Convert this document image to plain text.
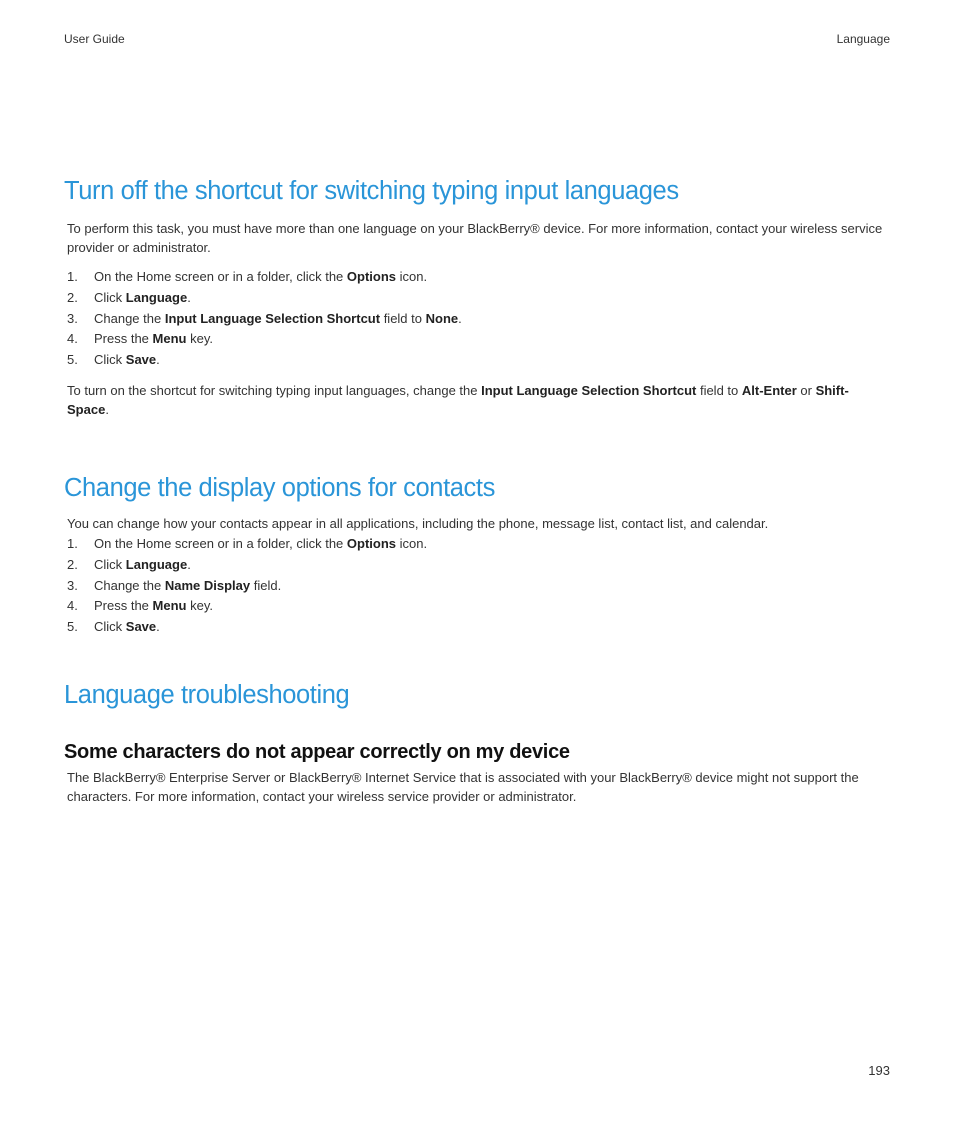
User Guide	Language
Turn off the shortcut for switching typing input languages

To perform this task, you must have more than one language on your BlackBerry® device. For more information, contact your wireless service provider or administrator.

1. On the Home screen or in a folder, click the Options icon.
2. Click Language.
3. Change the Input Language Selection Shortcut field to None.
4. Press the Menu key.
5. Click Save.

To turn on the shortcut for switching typing input languages, change the Input Language Selection Shortcut field to Alt-Enter or Shift-Space.

Change the display options for contacts

You can change how your contacts appear in all applications, including the phone, message list, contact list, and calendar.

1. On the Home screen or in a folder, click the Options icon.
2. Click Language.
3. Change the Name Display field.
4. Press the Menu key.
5. Click Save.
Language troubleshooting
Some characters do not appear correctly on my device

The BlackBerry® Enterprise Server or BlackBerry® Internet Service that is associated with your BlackBerry® device might not support the characters. For more information, contact your wireless service provider or administrator.

193
